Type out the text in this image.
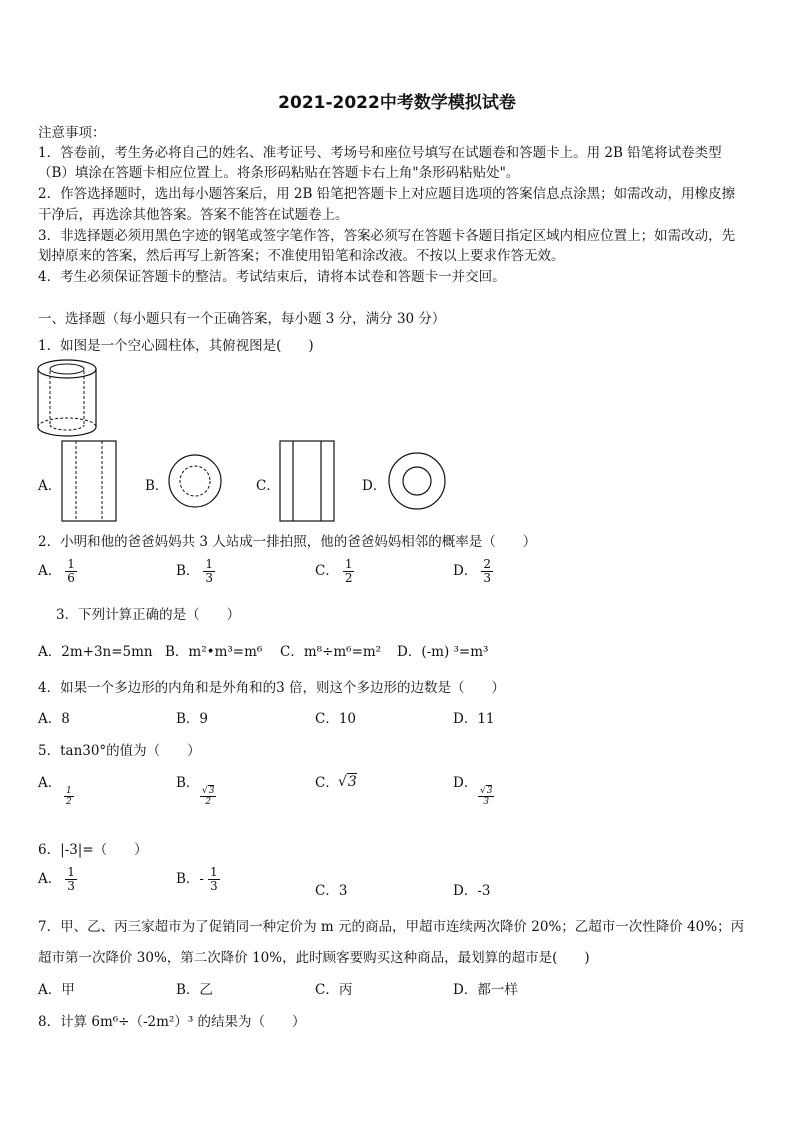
2021-2022中考数学模拟试卷
注意事项：
1．答卷前，考生务必将自己的姓名、准考证号、考场号和座位号填写在试题卷和答题卡上。用 2B 铅笔将试卷类型
（B）填涂在答题卡相应位置上。将条形码粘贴在答题卡右上角"条形码粘贴处"。
2．作答选择题时，选出每小题答案后，用 2B 铅笔把答题卡上对应题目选项的答案信息点涂黑；如需改动，用橡皮擦
干净后，再选涂其他答案。答案不能答在试题卷上。
3．非选择题必须用黑色字迹的钢笔或签字笔作答，答案必须写在答题卡各题目指定区域内相应位置上；如需改动，先
划掉原来的答案，然后再写上新答案；不准使用铅笔和涂改液。不按以上要求作答无效。
4．考生必须保证答题卡的整洁。考试结束后，请将本试卷和答题卡一并交回。
一、选择题（每小题只有一个正确答案，每小题 3 分，满分 30 分）
1．如图是一个空心圆柱体，其俯视图是(　　)
A．	B．	C．	D．
2．小明和他的爸爸妈妈共 3 人站成一排拍照，他的爸爸妈妈相邻的概率是（　　）
A． $\frac{1}{6}$	B． $\frac{1}{3}$	C． $\frac{1}{2}$	D． $\frac{2}{3}$
3．下列计算正确的是（　　）
A．2m+3n=5mn B．m²•m³=m⁶ C．m⁸÷m⁶=m² D．(-m) ³=m³
4．如果一个多边形的内角和是外角和的3 倍，则这个多边形的边数是（　　）
A．8	B．9	C．10	D．11
5．tan30°的值为（　　）
A．
$\frac{1}{2}$
B．
$\frac{√3}{2}$
C． √3	D．
$\frac{√3}{3}$
6．|-3|=（　　）
A． $\frac{1}{3}$	B．- $\frac{1}{3}$	C．3	D．-3
7．甲、乙、丙三家超市为了促销同一种定价为 m 元的商品，甲超市连续两次降价 20%；乙超市一次性降价 40%；丙
超市第一次降价 30%，第二次降价 10%，此时顾客要购买这种商品，最划算的超市是(　　)
A．甲	B．乙	C．丙	D．都一样
8．计算 6m⁶÷（-2m²）³ 的结果为（　　）
